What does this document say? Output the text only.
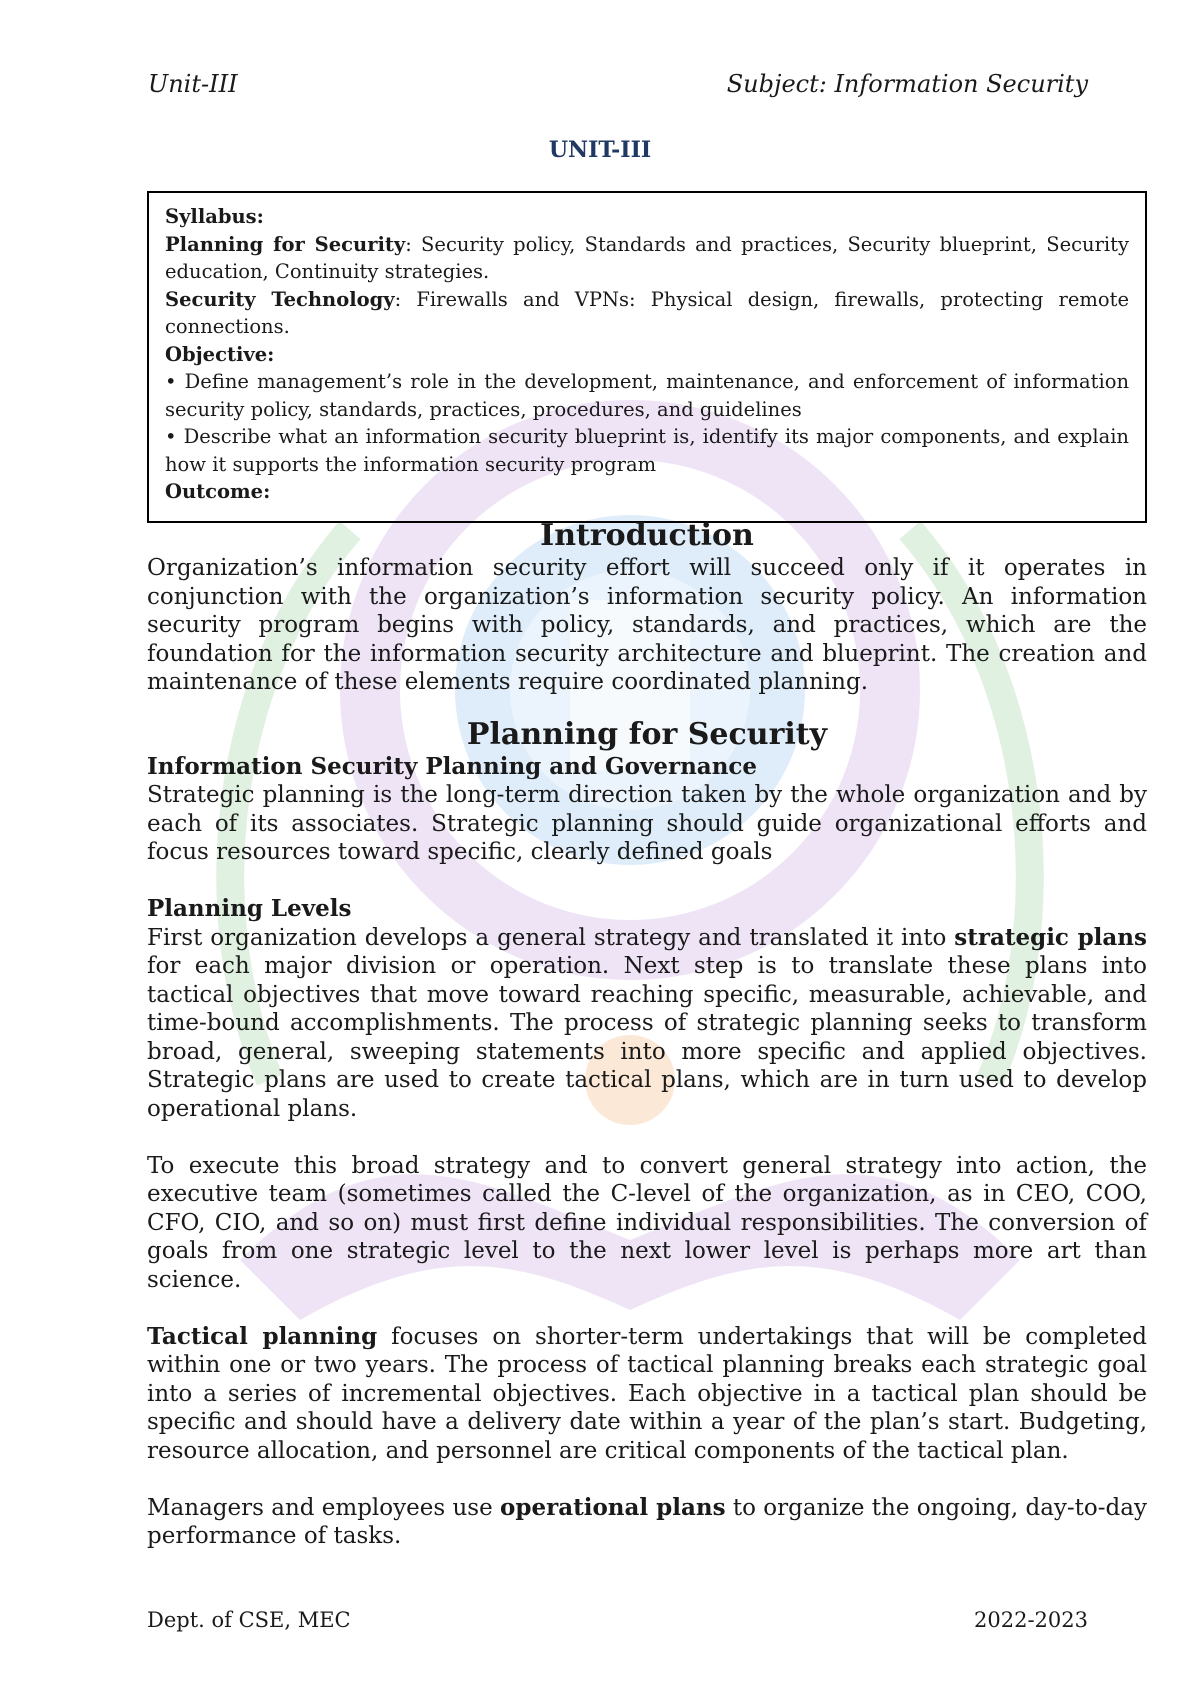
Unit-III	Subject: Information Security
UNIT-III

Syllabus:

Planning for Security: Security policy, Standards and practices, Security blueprint, Security education, Continuity strategies.

Security Technology: Firewalls and VPNs: Physical design, firewalls, protecting remote connections.

Objective:

• Define management’s role in the development, maintenance, and enforcement of information security policy, standards, practices, procedures, and guidelines

• Describe what an information security blueprint is, identify its major components, and explain how it supports the information security program

Outcome:

Introduction

Organization’s information security effort will succeed only if it operates in conjunction with the organization’s information security policy. An information security program begins with policy, standards, and practices, which are the foundation for the information security architecture and blueprint. The creation and maintenance of these elements require coordinated planning.

Planning for Security
Information Security Planning and Governance

Strategic planning is the long-term direction taken by the whole organization and by each of its associates. Strategic planning should guide organizational efforts and focus resources toward specific, clearly defined goals

Planning Levels

First organization develops a general strategy and translated it into strategic plans for each major division or operation. Next step is to translate these plans into tactical objectives that move toward reaching specific, measurable, achievable, and time-bound accomplishments. The process of strategic planning seeks to transform broad, general, sweeping statements into more specific and applied objectives. Strategic plans are used to create tactical plans, which are in turn used to develop operational plans.

To execute this broad strategy and to convert general strategy into action, the executive team (sometimes called the C-level of the organization, as in CEO, COO, CFO, CIO, and so on) must first define individual responsibilities. The conversion of goals from one strategic level to the next lower level is perhaps more art than science.

Tactical planning focuses on shorter-term undertakings that will be completed within one or two years. The process of tactical planning breaks each strategic goal into a series of incremental objectives. Each objective in a tactical plan should be specific and should have a delivery date within a year of the plan’s start. Budgeting, resource allocation, and personnel are critical components of the tactical plan.

Managers and employees use operational plans to organize the ongoing, day-to-day performance of tasks.

Dept. of CSE, MEC	2022-2023
